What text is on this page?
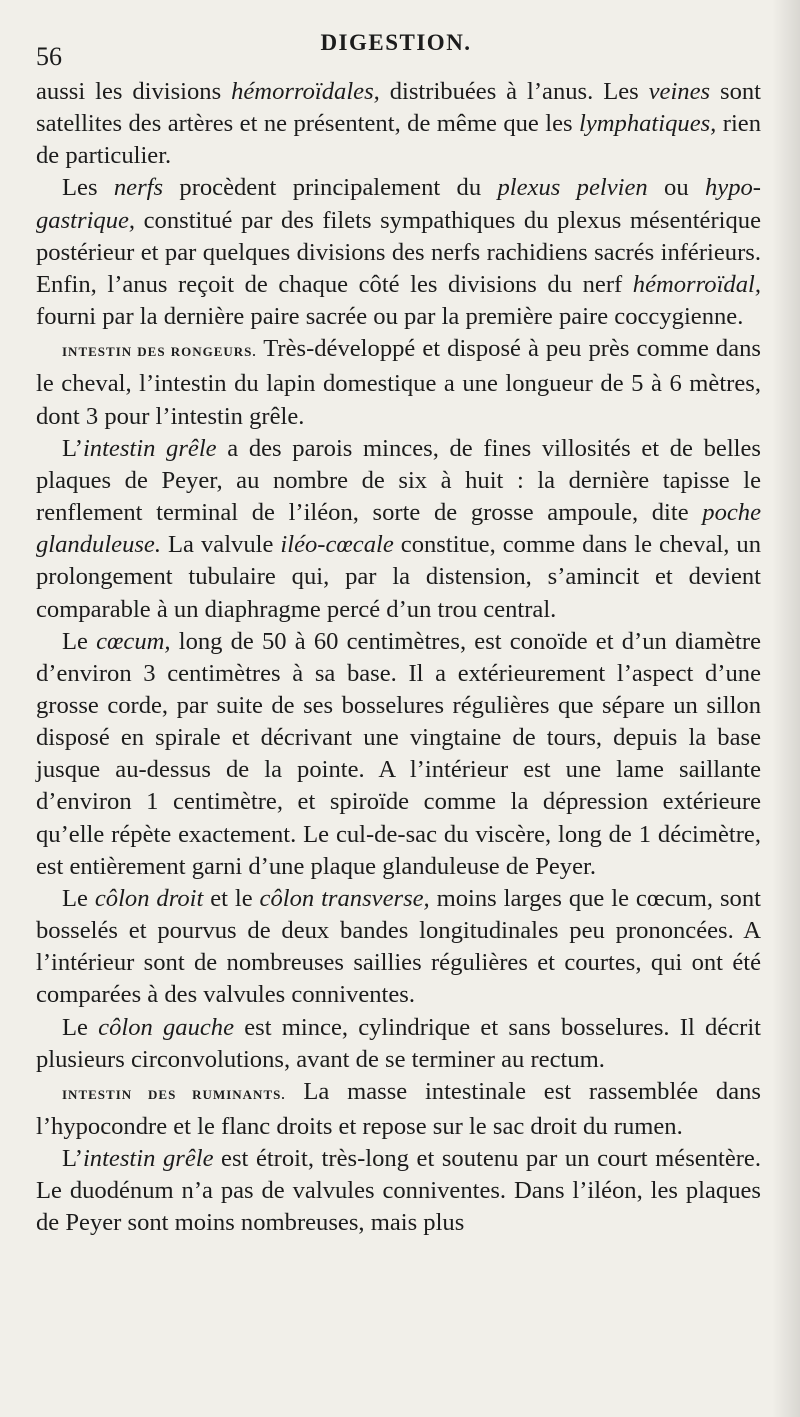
56	DIGESTION.

aussi les divisions hémorroïdales, distribuées à l’anus. Les veines sont satellites des artères et ne présentent, de même que les lymphatiques, rien de particulier.

Les nerfs procèdent principalement du plexus pelvien ou hypo-gastrique, constitué par des filets sympathiques du plexus mésentérique postérieur et par quelques divisions des nerfs rachidiens sacrés inférieurs. Enfin, l’anus reçoit de chaque côté les divisions du nerf hémorroïdal, fourni par la dernière paire sacrée ou par la première paire coccygienne.

INTESTIN DES RONGEURS. Très-développé et disposé à peu près comme dans le cheval, l’intestin du lapin domestique a une longueur de 5 à 6 mètres, dont 3 pour l’intestin grêle.

L’intestin grêle a des parois minces, de fines villosités et de belles plaques de Peyer, au nombre de six à huit : la dernière tapisse le renflement terminal de l’iléon, sorte de grosse ampoule, dite poche glanduleuse. La valvule iléo-cœcale constitue, comme dans le cheval, un prolongement tubulaire qui, par la distension, s’amincit et devient comparable à un diaphragme percé d’un trou central.

Le cœcum, long de 50 à 60 centimètres, est conoïde et d’un diamètre d’environ 3 centimètres à sa base. Il a extérieurement l’aspect d’une grosse corde, par suite de ses bosselures régulières que sépare un sillon disposé en spirale et décrivant une vingtaine de tours, depuis la base jusque au-dessus de la pointe. A l’intérieur est une lame saillante d’environ 1 centimètre, et spiroïde comme la dépression extérieure qu’elle répète exactement. Le cul-de-sac du viscère, long de 1 décimètre, est entièrement garni d’une plaque glanduleuse de Peyer.

Le côlon droit et le côlon transverse, moins larges que le cœcum, sont bosselés et pourvus de deux bandes longitudinales peu prononcées. A l’intérieur sont de nombreuses saillies régulières et courtes, qui ont été comparées à des valvules conniventes.

Le côlon gauche est mince, cylindrique et sans bosselures. Il décrit plusieurs circonvolutions, avant de se terminer au rectum.

INTESTIN DES RUMINANTS. La masse intestinale est rassemblée dans l’hypocondre et le flanc droits et repose sur le sac droit du rumen.

L’intestin grêle est étroit, très-long et soutenu par un court mésentère. Le duodénum n’a pas de valvules conniventes. Dans l’iléon, les plaques de Peyer sont moins nombreuses, mais plus
